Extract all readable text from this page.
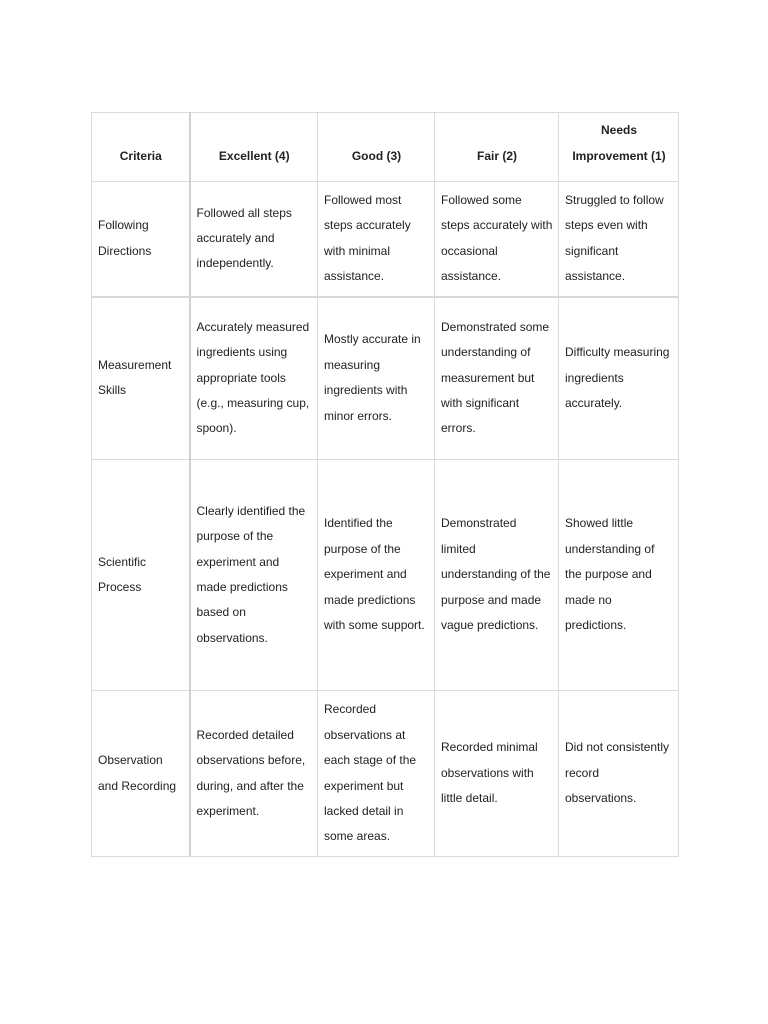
Criteria	Excellent (4)	Good (3)	Fair (2)	Needs Improvement (1)
Following Directions	Followed all steps accurately and independently.	Followed most steps accurately with minimal assistance.	Followed some steps accurately with occasional assistance.	Struggled to follow steps even with significant assistance.
Measurement Skills	Accurately measured ingredients using appropriate tools (e.g., measuring cup, spoon).	Mostly accurate in measuring ingredients with minor errors.	Demonstrated some understanding of measurement but with significant errors.	Difficulty measuring ingredients accurately.
Scientific Process	Clearly identified the purpose of the experiment and made predictions based on observations.	Identified the purpose of the experiment and made predictions with some support.	Demonstrated limited understanding of the purpose and made vague predictions.	Showed little understanding of the purpose and made no predictions.
Observation and Recording	Recorded detailed observations before, during, and after the experiment.	Recorded observations at each stage of the experiment but lacked detail in some areas.	Recorded minimal observations with little detail.	Did not consistently record observations.
